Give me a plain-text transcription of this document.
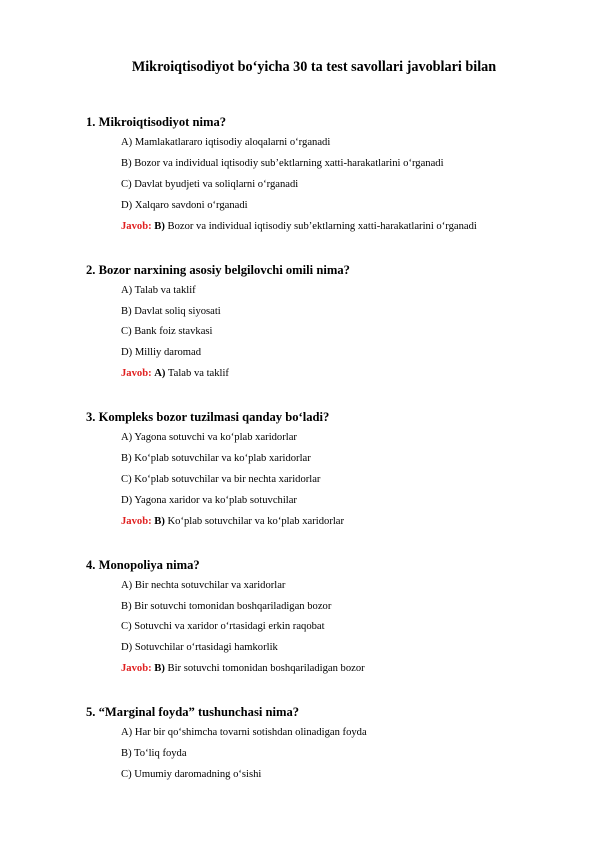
Mikroiqtisodiyot bo‘yicha 30 ta test savollari javoblari bilan
1. Mikroiqtisodiyot nima?
A) Mamlakatlararo iqtisodiy aloqalarni o‘rganadi
B) Bozor va individual iqtisodiy sub’ektlarning xatti-harakatlarini o‘rganadi
C) Davlat byudjeti va soliqlarni o‘rganadi
D) Xalqaro savdoni o‘rganadi
Javob: B) Bozor va individual iqtisodiy sub’ektlarning xatti-harakatlarini o‘rganadi
2. Bozor narxining asosiy belgilovchi omili nima?
A) Talab va taklif
B) Davlat soliq siyosati
C) Bank foiz stavkasi
D) Milliy daromad
Javob: A) Talab va taklif
3. Kompleks bozor tuzilmasi qanday bo‘ladi?
A) Yagona sotuvchi va ko‘plab xaridorlar
B) Ko‘plab sotuvchilar va ko‘plab xaridorlar
C) Ko‘plab sotuvchilar va bir nechta xaridorlar
D) Yagona xaridor va ko‘plab sotuvchilar
Javob: B) Ko‘plab sotuvchilar va ko‘plab xaridorlar
4. Monopoliya nima?
A) Bir nechta sotuvchilar va xaridorlar
B) Bir sotuvchi tomonidan boshqariladigan bozor
C) Sotuvchi va xaridor o‘rtasidagi erkin raqobat
D) Sotuvchilar o‘rtasidagi hamkorlik
Javob: B) Bir sotuvchi tomonidan boshqariladigan bozor
5. “Marginal foyda” tushunchasi nima?
A) Har bir qo‘shimcha tovarni sotishdan olinadigan foyda
B) To‘liq foyda
C) Umumiy daromadning o‘sishi
